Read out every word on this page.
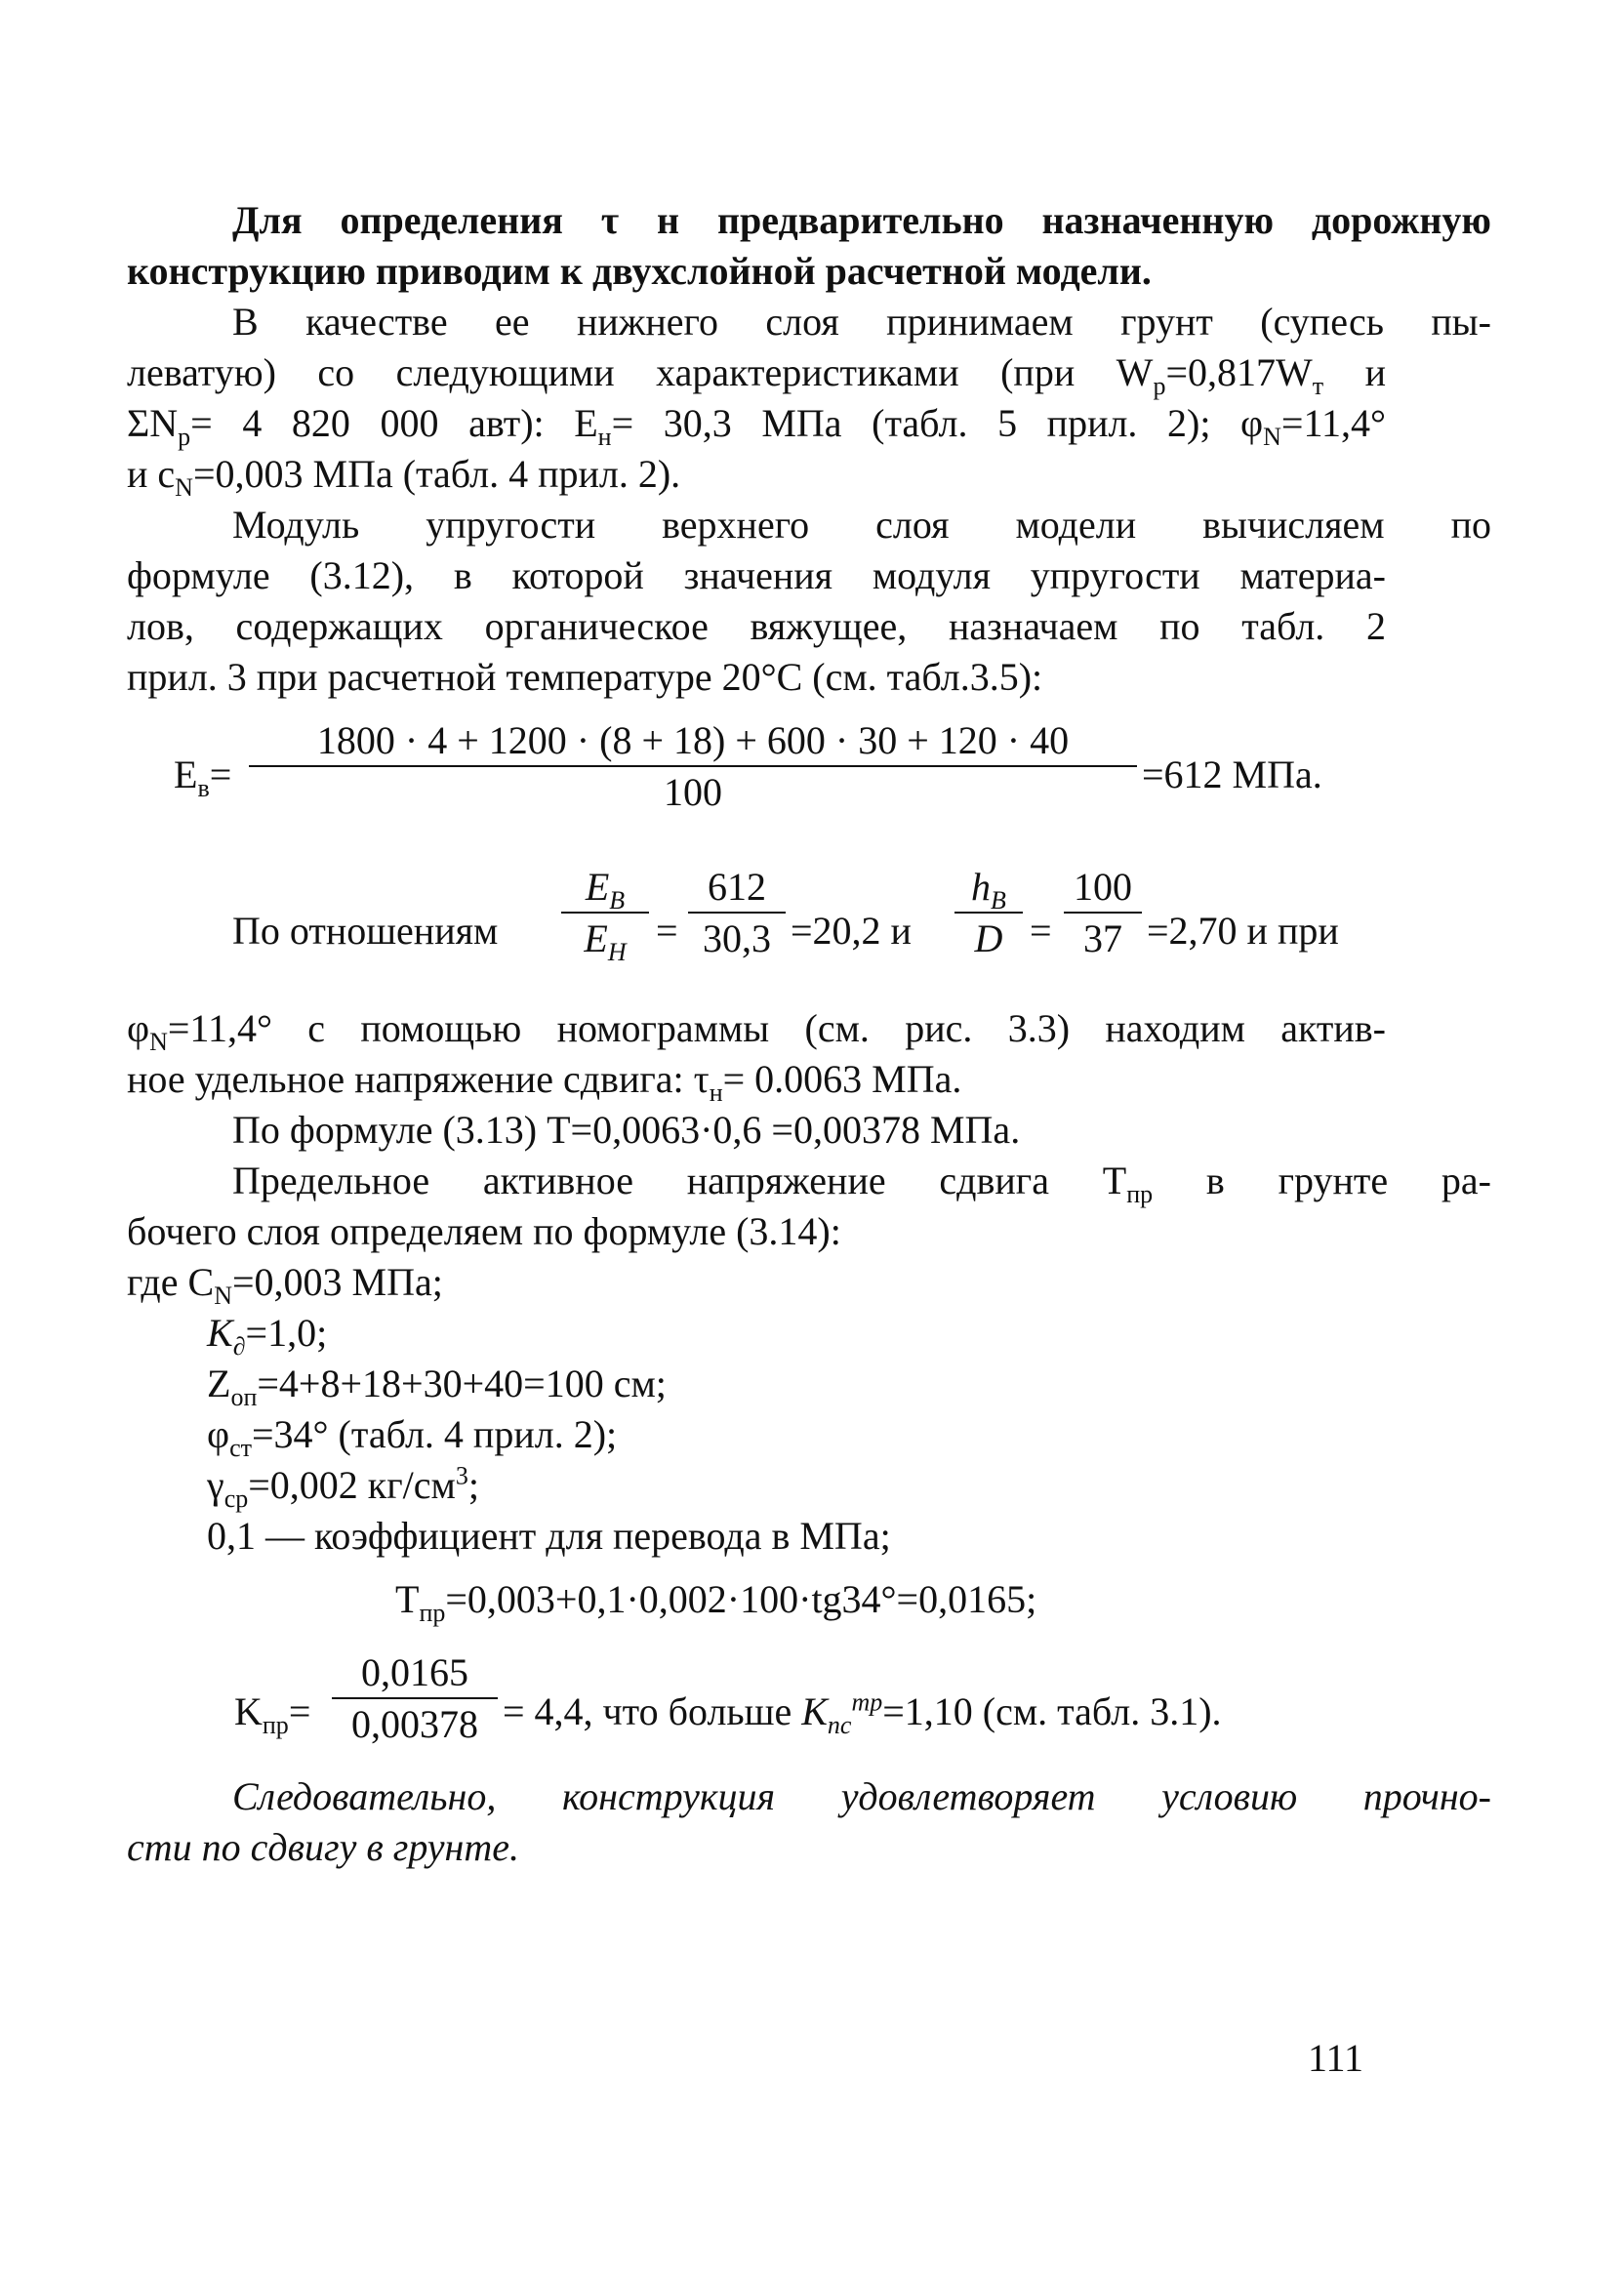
Для определения τ н предварительно назначенную дорожную
конструкцию приводим к двухслойной расчетной модели.
В качестве ее нижнего слоя принимаем грунт (супесь пы-
леватую) со следующими характеристиками (при $W_p=0,817W_т$ и
$\Sigma N_p= 4$ 820 000 авт): $E_н= 30,3$ МПа (табл. 5 прил. 2); $\varphi_N=11,4^\circ$
и $c_N=0,003$ МПа (табл. 4 прил. 2).
Модуль упругости верхнего слоя модели вычисляем по
формуле (3.12), в которой значения модуля упругости материа-
лов, содержащих органическое вяжущее, назначаем по табл. 2
прил. 3 при расчетной температуре 20°С (см. табл.3.5):
$E_в=$
1800 · 4 + 1200 · (8 + 18) + 600 · 30 + 120 · 40
100	=612 МПа.
По отношениям
$E_B$
$E_H$ =
612
30,3 =20,2 и
$h_B$
D =
100
37 =2,70 и при
$\varphi_N=11,4^\circ$ с помощью номограммы (см. рис. 3.3) находим актив-
ное удельное напряжение сдвига: $\tau_н= 0.0063$ МПа.
По формуле (3.13) T=0,0063·0,6 =0,00378 МПа.
Предельное активное напряжение сдвига $T_{пр}$ в грунте ра-
бочего слоя определяем по формуле (3.14):
где $C_N=0,003$ МПа;
$K_\partial=1,0$;
$Z_{оп}=4+8+18+30+40=100$ см;
$\varphi_{ст}=34^\circ$ (табл. 4 прил. 2);
$\gamma_{ср}=0,002$ $кг/см^3$;
0,1 — коэффициент для перевода в МПа;
$T_{пр}=0,003+0,1\cdot 0,002\cdot 100\cdot tg34^\circ=0,0165$;
$K_{пр}=$
0,0165
0,00378 = 4,4, что больше $K_{пс}^{тр}=1,10$ (см. табл. 3.1).
Следовательно, конструкция удовлетворяет условию прочно-
сти по сдвигу в грунте.
111
